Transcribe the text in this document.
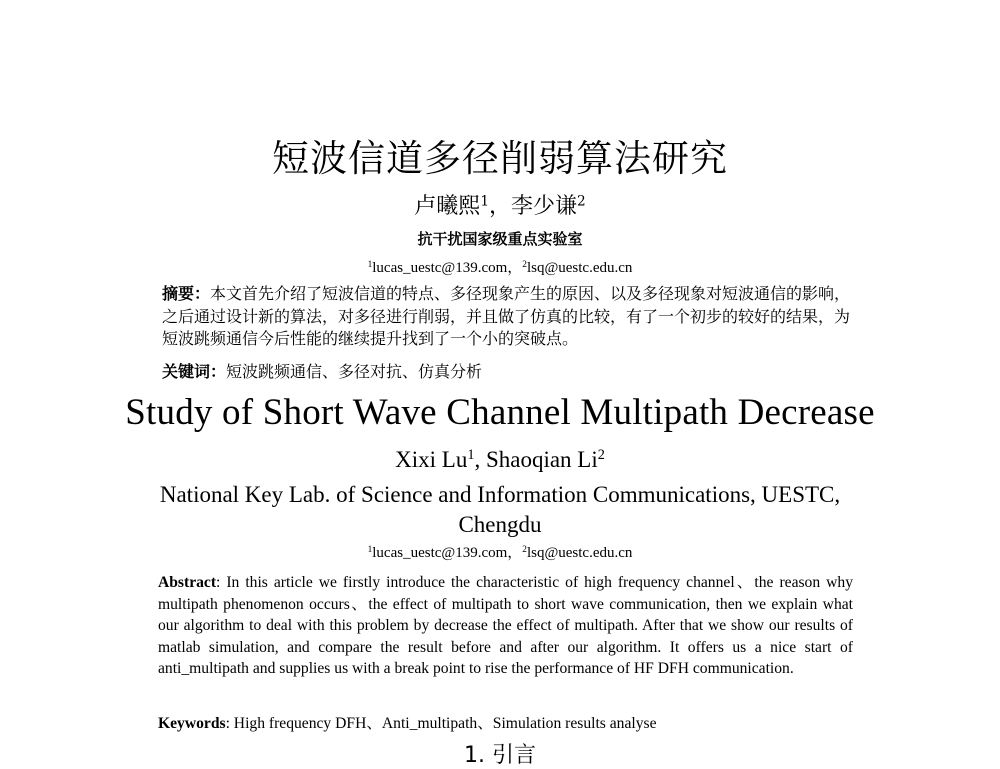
短波信道多径削弱算法研究
卢曦熙$^1$，李少谦$^2$
抗干扰国家级重点实验室
$^1$lucas_uestc@139.com，$^2$lsq@uestc.edu.cn
摘要：本文首先介绍了短波信道的特点、多径现象产生的原因、以及多径现象对短波通信的影响，之后通过设计新的算法，对多径进行削弱，并且做了仿真的比较，有了一个初步的较好的结果，为短波跳频通信今后性能的继续提升找到了一个小的突破点。
关键词：短波跳频通信、多径对抗、仿真分析
Study of Short Wave Channel Multipath Decrease
Xixi Lu$^1$, Shaoqian Li$^2$
National Key Lab. of Science and Information Communications, UESTC, Chengdu
$^1$lucas_uestc@139.com，$^2$lsq@uestc.edu.cn
Abstract: In this article we firstly introduce the characteristic of high frequency channel、the reason why multipath phenomenon occurs、the effect of multipath to short wave communication, then we explain what our algorithm to deal with this problem by decrease the effect of multipath. After that we show our results of matlab simulation, and compare the result before and after our algorithm. It offers us a nice start of anti_multipath and supplies us with a break point to rise the performance of HF DFH communication.
Keywords: High frequency DFH、Anti_multipath、Simulation results analyse
1. 引言
